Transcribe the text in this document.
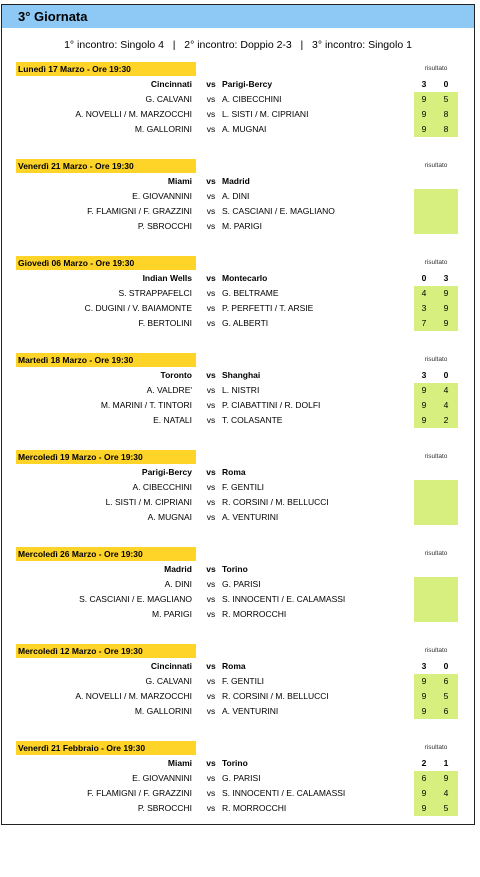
3° Giornata
1° incontro: Singolo 4   |   2° incontro: Doppio 2-3   |   3° incontro: Singolo 1
Lunedì 17 Marzo - Ore 19:30	risultato
Cincinnati	vs Parigi-Bercy	3	0
G. CALVANI	vs A. CIBECCHINI	9	5
A. NOVELLI / M. MARZOCCHI	vs L. SISTI / M. CIPRIANI	9	8
M. GALLORINI	vs A. MUGNAI	9	8
Venerdì 21 Marzo - Ore 19:30	risultato
Miami	vs Madrid
E. GIOVANNINI	vs A. DINI
F. FLAMIGNI / F. GRAZZINI	vs S. CASCIANI / E. MAGLIANO
P. SBROCCHI	vs M. PARIGI
Giovedì 06 Marzo - Ore 19:30	risultato
Indian Wells	vs Montecarlo	0	3
S. STRAPPAFELCI	vs G. BELTRAME	4	9
C. DUGINI / V. BAIAMONTE	vs P. PERFETTI / T. ARSIE	3	9
F. BERTOLINI	vs G. ALBERTI	7	9
Martedì 18 Marzo - Ore 19:30	risultato
Toronto	vs Shanghai	3	0
A. VALDRE'	vs L. NISTRI	9	4
M. MARINI / T. TINTORI	vs P. CIABATTINI / R. DOLFI	9	4
E. NATALI	vs T. COLASANTE	9	2
Mercoledì 19 Marzo - Ore 19:30	risultato
Parigi-Bercy	vs Roma
A. CIBECCHINI	vs F. GENTILI
L. SISTI / M. CIPRIANI	vs R. CORSINI / M. BELLUCCI
A. MUGNAI	vs A. VENTURINI
Mercoledì 26 Marzo - Ore 19:30	risultato
Madrid	vs Torino
A. DINI	vs G. PARISI
S. CASCIANI / E. MAGLIANO	vs S. INNOCENTI / E. CALAMASSI
M. PARIGI	vs R. MORROCCHI
Mercoledì 12 Marzo - Ore 19:30	risultato
Cincinnati	vs Roma	3	0
G. CALVANI	vs F. GENTILI	9	6
A. NOVELLI / M. MARZOCCHI	vs R. CORSINI / M. BELLUCCI	9	5
M. GALLORINI	vs A. VENTURINI	9	6
Venerdì 21 Febbraio - Ore 19:30	risultato
Miami	vs Torino	2	1
E. GIOVANNINI	vs G. PARISI	6	9
F. FLAMIGNI / F. GRAZZINI	vs S. INNOCENTI / E. CALAMASSI	9	4
P. SBROCCHI	vs R. MORROCCHI	9	5
